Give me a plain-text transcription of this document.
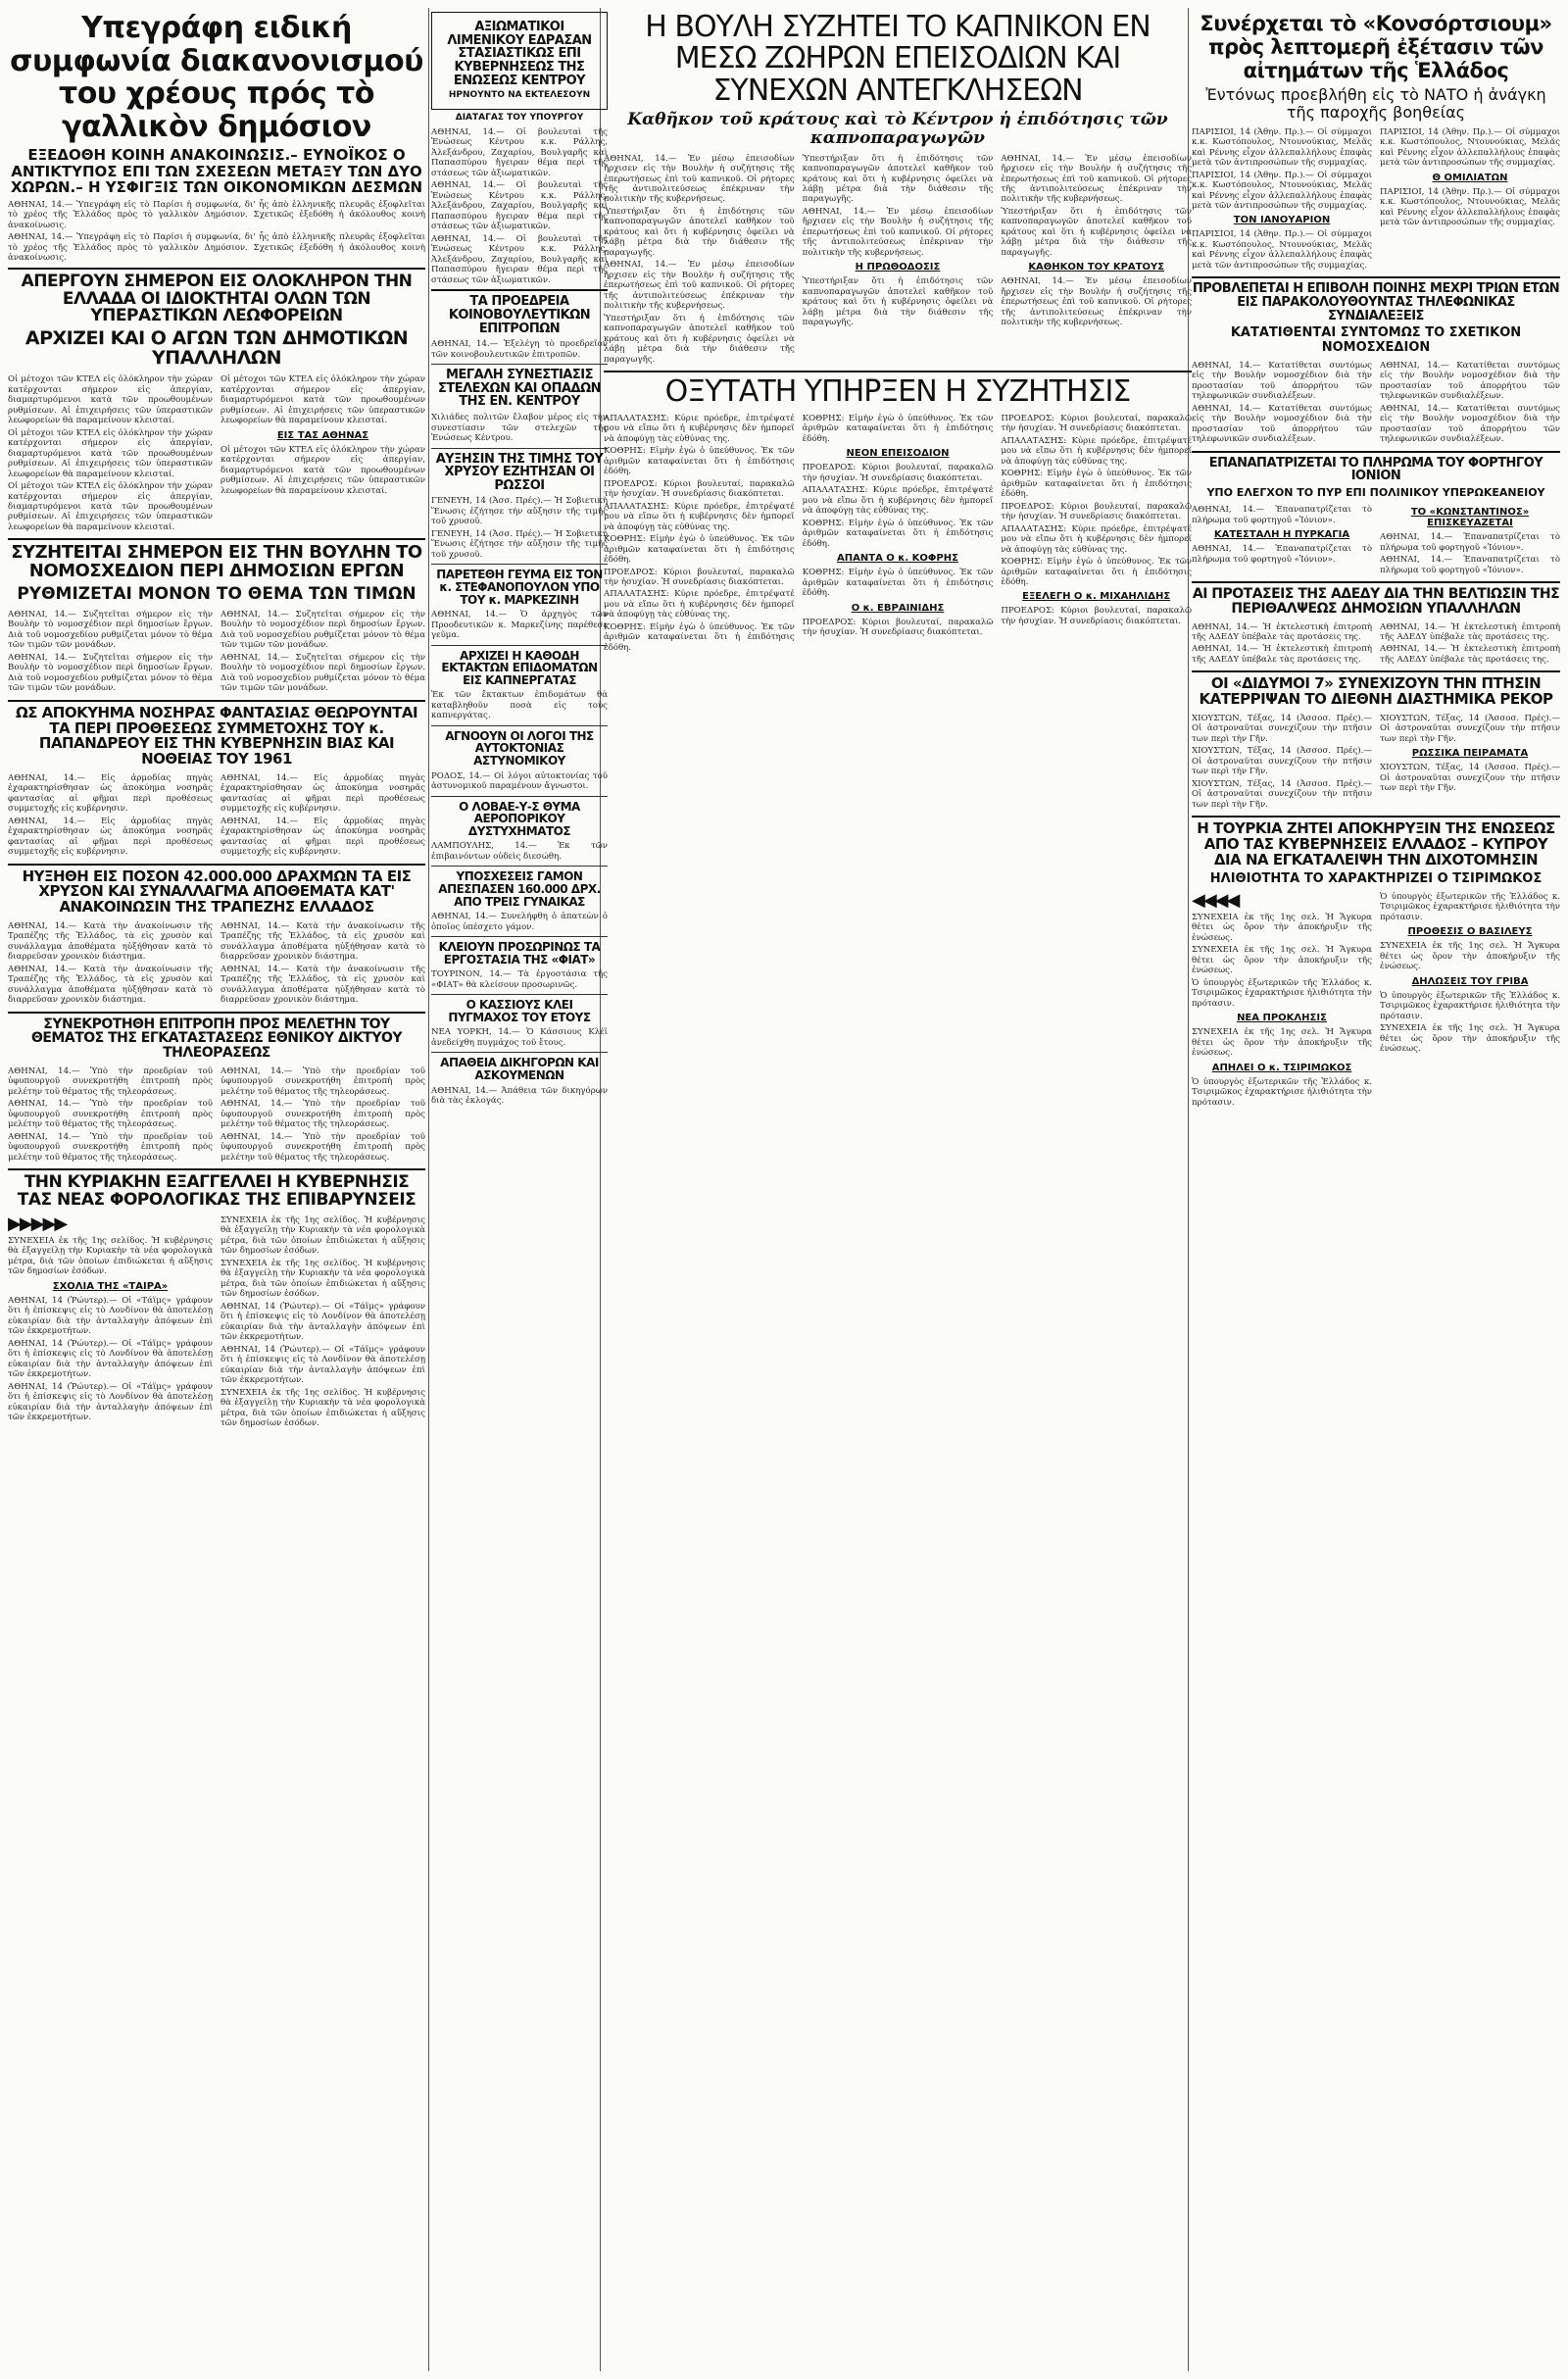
Υπεγράφη ειδική συμφωνία διακανονισμού του χρέους πρός τὸ γαλλικὸν δημόσιον
ΕΞΕΔΟΘΗ ΚΟΙΝΗ ΑΝΑΚΟΙΝΩΣΙΣ.– ΕΥΝΟΪΚΟΣ Ο ΑΝΤΙΚΤΥΠΟΣ ΕΠΙ ΤΩΝ ΣΧΕΣΕΩΝ ΜΕΤΑΞΥ ΤΩΝ ΔΥΟ ΧΩΡΩΝ.– Η ΥΣΦΙΓΞΙΣ ΤΩΝ ΟΙΚΟΝΟΜΙΚΩΝ ΔΕΣΜΩΝ
ΑΘΗΝΑΙ, 14.— Ὑπεγράφη εἰς τὸ Παρίσι ἡ συμφωνία, δι' ἧς ἀπὸ ἑλληνικῆς πλευρᾶς ἐξοφλεῖται τὸ χρέος τῆς Ἑλλάδος πρὸς τὸ γαλλικὸν Δημόσιον. Σχετικῶς ἐξεδόθη ἡ ἀκόλουθος κοινὴ ἀνακοίνωσις.
ΑΘΗΝΑΙ, 14.— Ὑπεγράφη εἰς τὸ Παρίσι ἡ συμφωνία, δι' ἧς ἀπὸ ἑλληνικῆς πλευρᾶς ἐξοφλεῖται τὸ χρέος τῆς Ἑλλάδος πρὸς τὸ γαλλικὸν Δημόσιον. Σχετικῶς ἐξεδόθη ἡ ἀκόλουθος κοινὴ ἀνακοίνωσις.
ΑΠΕΡΓΟΥΝ ΣΗΜΕΡΟΝ ΕΙΣ ΟΛΟΚΛΗΡΟΝ ΤΗΝ ΕΛΛΑΔΑ ΟΙ ΙΔΙΟΚΤΗΤΑΙ ΟΛΩΝ ΤΩΝ ΥΠΕΡΑΣΤΙΚΩΝ ΛΕΩΦΟΡΕΙΩΝ
ΑΡΧΙΖΕΙ ΚΑΙ Ο ΑΓΩΝ ΤΩΝ ΔΗΜΟΤΙΚΩΝ ΥΠΑΛΛΗΛΩΝ
Οἱ μέτοχοι τῶν ΚΤΕΛ εἰς ὁλόκληρον τὴν χώραν κατέρχονται σήμερον εἰς ἀπεργίαν, διαμαρτυρόμενοι κατὰ τῶν προωθουμένων ρυθμίσεων. Αἱ ἐπιχειρήσεις τῶν ὑπεραστικῶν λεωφορείων θὰ παραμείνουν κλεισταί.
Οἱ μέτοχοι τῶν ΚΤΕΛ εἰς ὁλόκληρον τὴν χώραν κατέρχονται σήμερον εἰς ἀπεργίαν, διαμαρτυρόμενοι κατὰ τῶν προωθουμένων ρυθμίσεων. Αἱ ἐπιχειρήσεις τῶν ὑπεραστικῶν λεωφορείων θὰ παραμείνουν κλεισταί.
Οἱ μέτοχοι τῶν ΚΤΕΛ εἰς ὁλόκληρον τὴν χώραν κατέρχονται σήμερον εἰς ἀπεργίαν, διαμαρτυρόμενοι κατὰ τῶν προωθουμένων ρυθμίσεων. Αἱ ἐπιχειρήσεις τῶν ὑπεραστικῶν λεωφορείων θὰ παραμείνουν κλεισταί.
Οἱ μέτοχοι τῶν ΚΤΕΛ εἰς ὁλόκληρον τὴν χώραν κατέρχονται σήμερον εἰς ἀπεργίαν, διαμαρτυρόμενοι κατὰ τῶν προωθουμένων ρυθμίσεων. Αἱ ἐπιχειρήσεις τῶν ὑπεραστικῶν λεωφορείων θὰ παραμείνουν κλεισταί.
ΕΙΣ ΤΑΣ ΑΘΗΝΑΣ
Οἱ μέτοχοι τῶν ΚΤΕΛ εἰς ὁλόκληρον τὴν χώραν κατέρχονται σήμερον εἰς ἀπεργίαν, διαμαρτυρόμενοι κατὰ τῶν προωθουμένων ρυθμίσεων. Αἱ ἐπιχειρήσεις τῶν ὑπεραστικῶν λεωφορείων θὰ παραμείνουν κλεισταί.
ΣΥΖΗΤΕΙΤΑΙ ΣΗΜΕΡΟΝ ΕΙΣ ΤΗΝ ΒΟΥΛΗΝ ΤΟ ΝΟΜΟΣΧΕΔΙΟΝ ΠΕΡΙ ΔΗΜΟΣΙΩΝ ΕΡΓΩΝ
ΡΥΘΜΙΖΕΤΑΙ ΜΟΝΟΝ ΤΟ ΘΕΜΑ ΤΩΝ ΤΙΜΩΝ
ΑΘΗΝΑΙ, 14.— Συζητεῖται σήμερον εἰς τὴν Βουλὴν τὸ νομοσχέδιον περὶ δημοσίων ἔργων. Διὰ τοῦ νομοσχεδίου ρυθμίζεται μόνον τὸ θέμα τῶν τιμῶν τῶν μονάδων.
ΑΘΗΝΑΙ, 14.— Συζητεῖται σήμερον εἰς τὴν Βουλὴν τὸ νομοσχέδιον περὶ δημοσίων ἔργων. Διὰ τοῦ νομοσχεδίου ρυθμίζεται μόνον τὸ θέμα τῶν τιμῶν τῶν μονάδων.
ΑΘΗΝΑΙ, 14.— Συζητεῖται σήμερον εἰς τὴν Βουλὴν τὸ νομοσχέδιον περὶ δημοσίων ἔργων. Διὰ τοῦ νομοσχεδίου ρυθμίζεται μόνον τὸ θέμα τῶν τιμῶν τῶν μονάδων.
ΑΘΗΝΑΙ, 14.— Συζητεῖται σήμερον εἰς τὴν Βουλὴν τὸ νομοσχέδιον περὶ δημοσίων ἔργων. Διὰ τοῦ νομοσχεδίου ρυθμίζεται μόνον τὸ θέμα τῶν τιμῶν τῶν μονάδων.
ΩΣ ΑΠΟΚΥΗΜΑ ΝΟΣΗΡΑΣ ΦΑΝΤΑΣΙΑΣ ΘΕΩΡΟΥΝΤΑΙ ΤΑ ΠΕΡΙ ΠΡΟΘΕΣΕΩΣ ΣΥΜΜΕΤΟΧΗΣ ΤΟΥ κ. ΠΑΠΑΝΔΡΕΟΥ ΕΙΣ ΤΗΝ ΚΥΒΕΡΝΗΣΙΝ ΒΙΑΣ ΚΑΙ ΝΟΘΕΙΑΣ ΤΟΥ 1961
ΑΘΗΝΑΙ, 14.— Εἰς ἀρμοδίας πηγὰς ἐχαρακτηρίσθησαν ὡς ἀποκύημα νοσηρᾶς φαντασίας αἱ φῆμαι περὶ προθέσεως συμμετοχῆς εἰς κυβέρνησιν.
ΑΘΗΝΑΙ, 14.— Εἰς ἀρμοδίας πηγὰς ἐχαρακτηρίσθησαν ὡς ἀποκύημα νοσηρᾶς φαντασίας αἱ φῆμαι περὶ προθέσεως συμμετοχῆς εἰς κυβέρνησιν.
ΑΘΗΝΑΙ, 14.— Εἰς ἀρμοδίας πηγὰς ἐχαρακτηρίσθησαν ὡς ἀποκύημα νοσηρᾶς φαντασίας αἱ φῆμαι περὶ προθέσεως συμμετοχῆς εἰς κυβέρνησιν.
ΑΘΗΝΑΙ, 14.— Εἰς ἀρμοδίας πηγὰς ἐχαρακτηρίσθησαν ὡς ἀποκύημα νοσηρᾶς φαντασίας αἱ φῆμαι περὶ προθέσεως συμμετοχῆς εἰς κυβέρνησιν.
ΗΥΞΗΘΗ ΕΙΣ ΠΟΣΟΝ 42.000.000 ΔΡΑΧΜΩΝ ΤΑ ΕΙΣ ΧΡΥΣΟΝ ΚΑΙ ΣΥΝΑΛΛΑΓΜΑ ΑΠΟΘΕΜΑΤΑ ΚΑΤ' ΑΝΑΚΟΙΝΩΣΙΝ ΤΗΣ ΤΡΑΠΕΖΗΣ ΕΛΛΑΔΟΣ
ΑΘΗΝΑΙ, 14.— Κατὰ τὴν ἀνακοίνωσιν τῆς Τραπέζης τῆς Ἑλλάδος, τὰ εἰς χρυσὸν καὶ συνάλλαγμα ἀποθέματα ηὐξήθησαν κατὰ τὸ διαρρεῦσαν χρονικὸν διάστημα.
ΑΘΗΝΑΙ, 14.— Κατὰ τὴν ἀνακοίνωσιν τῆς Τραπέζης τῆς Ἑλλάδος, τὰ εἰς χρυσὸν καὶ συνάλλαγμα ἀποθέματα ηὐξήθησαν κατὰ τὸ διαρρεῦσαν χρονικὸν διάστημα.
ΑΘΗΝΑΙ, 14.— Κατὰ τὴν ἀνακοίνωσιν τῆς Τραπέζης τῆς Ἑλλάδος, τὰ εἰς χρυσὸν καὶ συνάλλαγμα ἀποθέματα ηὐξήθησαν κατὰ τὸ διαρρεῦσαν χρονικὸν διάστημα.
ΑΘΗΝΑΙ, 14.— Κατὰ τὴν ἀνακοίνωσιν τῆς Τραπέζης τῆς Ἑλλάδος, τὰ εἰς χρυσὸν καὶ συνάλλαγμα ἀποθέματα ηὐξήθησαν κατὰ τὸ διαρρεῦσαν χρονικὸν διάστημα.
ΣΥΝΕΚΡΟΤΗΘΗ ΕΠΙΤΡΟΠΗ ΠΡΟΣ ΜΕΛΕΤΗΝ ΤΟΥ ΘΕΜΑΤΟΣ ΤΗΣ ΕΓΚΑΤΑΣΤΑΣΕΩΣ ΕΘΝΙΚΟΥ ΔΙΚΤΥΟΥ ΤΗΛΕΟΡΑΣΕΩΣ
ΑΘΗΝΑΙ, 14.— Ὑπὸ τὴν προεδρίαν τοῦ ὑφυπουργοῦ συνεκροτήθη ἐπιτροπὴ πρὸς μελέτην τοῦ θέματος τῆς τηλεοράσεως.
ΑΘΗΝΑΙ, 14.— Ὑπὸ τὴν προεδρίαν τοῦ ὑφυπουργοῦ συνεκροτήθη ἐπιτροπὴ πρὸς μελέτην τοῦ θέματος τῆς τηλεοράσεως.
ΑΘΗΝΑΙ, 14.— Ὑπὸ τὴν προεδρίαν τοῦ ὑφυπουργοῦ συνεκροτήθη ἐπιτροπὴ πρὸς μελέτην τοῦ θέματος τῆς τηλεοράσεως.
ΑΘΗΝΑΙ, 14.— Ὑπὸ τὴν προεδρίαν τοῦ ὑφυπουργοῦ συνεκροτήθη ἐπιτροπὴ πρὸς μελέτην τοῦ θέματος τῆς τηλεοράσεως.
ΑΘΗΝΑΙ, 14.— Ὑπὸ τὴν προεδρίαν τοῦ ὑφυπουργοῦ συνεκροτήθη ἐπιτροπὴ πρὸς μελέτην τοῦ θέματος τῆς τηλεοράσεως.
ΑΘΗΝΑΙ, 14.— Ὑπὸ τὴν προεδρίαν τοῦ ὑφυπουργοῦ συνεκροτήθη ἐπιτροπὴ πρὸς μελέτην τοῦ θέματος τῆς τηλεοράσεως.
ΤΗΝ ΚΥΡΙΑΚΗΝ ΕΞΑΓΓΕΛΛΕΙ Η ΚΥΒΕΡΝΗΣΙΣ ΤΑΣ ΝΕΑΣ ΦΟΡΟΛΟΓΙΚΑΣ ΤΗΣ ΕΠΙΒΑΡΥΝΣΕΙΣ
▶▶▶▶▶
ΣΥΝΕΧΕΙΑ ἐκ τῆς 1ης σελίδος. Ἡ κυβέρνησις θὰ ἐξαγγείλῃ τὴν Κυριακὴν τὰ νέα φορολογικὰ μέτρα, διὰ τῶν ὁποίων ἐπιδιώκεται ἡ αὔξησις τῶν δημοσίων ἐσόδων.
ΣΧΟΛΙΑ ΤΗΣ «ΤΑΙΡΑ»
ΑΘΗΝΑΙ, 14 (Ῥώυτερ).— Οἱ «Τάϊμς» γράφουν ὅτι ἡ ἐπίσκεψις εἰς τὸ Λονδίνον θὰ ἀποτελέσῃ εὐκαιρίαν διὰ τὴν ἀνταλλαγὴν ἀπόψεων ἐπὶ τῶν ἐκκρεμοτήτων.
ΑΘΗΝΑΙ, 14 (Ῥώυτερ).— Οἱ «Τάϊμς» γράφουν ὅτι ἡ ἐπίσκεψις εἰς τὸ Λονδίνον θὰ ἀποτελέσῃ εὐκαιρίαν διὰ τὴν ἀνταλλαγὴν ἀπόψεων ἐπὶ τῶν ἐκκρεμοτήτων.
ΑΘΗΝΑΙ, 14 (Ῥώυτερ).— Οἱ «Τάϊμς» γράφουν ὅτι ἡ ἐπίσκεψις εἰς τὸ Λονδίνον θὰ ἀποτελέσῃ εὐκαιρίαν διὰ τὴν ἀνταλλαγὴν ἀπόψεων ἐπὶ τῶν ἐκκρεμοτήτων.
ΣΥΝΕΧΕΙΑ ἐκ τῆς 1ης σελίδος. Ἡ κυβέρνησις θὰ ἐξαγγείλῃ τὴν Κυριακὴν τὰ νέα φορολογικὰ μέτρα, διὰ τῶν ὁποίων ἐπιδιώκεται ἡ αὔξησις τῶν δημοσίων ἐσόδων.
ΣΥΝΕΧΕΙΑ ἐκ τῆς 1ης σελίδος. Ἡ κυβέρνησις θὰ ἐξαγγείλῃ τὴν Κυριακὴν τὰ νέα φορολογικὰ μέτρα, διὰ τῶν ὁποίων ἐπιδιώκεται ἡ αὔξησις τῶν δημοσίων ἐσόδων.
ΑΘΗΝΑΙ, 14 (Ῥώυτερ).— Οἱ «Τάϊμς» γράφουν ὅτι ἡ ἐπίσκεψις εἰς τὸ Λονδίνον θὰ ἀποτελέσῃ εὐκαιρίαν διὰ τὴν ἀνταλλαγὴν ἀπόψεων ἐπὶ τῶν ἐκκρεμοτήτων.
ΑΘΗΝΑΙ, 14 (Ῥώυτερ).— Οἱ «Τάϊμς» γράφουν ὅτι ἡ ἐπίσκεψις εἰς τὸ Λονδίνον θὰ ἀποτελέσῃ εὐκαιρίαν διὰ τὴν ἀνταλλαγὴν ἀπόψεων ἐπὶ τῶν ἐκκρεμοτήτων.
ΣΥΝΕΧΕΙΑ ἐκ τῆς 1ης σελίδος. Ἡ κυβέρνησις θὰ ἐξαγγείλῃ τὴν Κυριακὴν τὰ νέα φορολογικὰ μέτρα, διὰ τῶν ὁποίων ἐπιδιώκεται ἡ αὔξησις τῶν δημοσίων ἐσόδων.
ΑΞΙΩΜΑΤΙΚΟΙ ΛΙΜΕΝΙΚΟΥ ΕΔΡΑΣΑΝ ΣΤΑΣΙΑΣΤΙΚΩΣ ΕΠΙ ΚΥΒΕΡΝΗΣΕΩΣ ΤΗΣ ΕΝΩΣΕΩΣ ΚΕΝΤΡΟΥ
ΗΡΝΟΥΝΤΟ ΝΑ ΕΚΤΕΛΕΣΟΥΝ
ΔΙΑΤΑΓΑΣ ΤΟΥ ΥΠΟΥΡΓΟΥ
ΑΘΗΝΑΙ, 14.— Οἱ βουλευταὶ τῆς Ἐνώσεως Κέντρου κ.κ. Ράλλης, Ἀλεξάνδρου, Ζαχαρίου, Βουλγαρῆς καὶ Παπασπύρου ἤγειραν θέμα περὶ τῆς στάσεως τῶν ἀξιωματικῶν.
ΑΘΗΝΑΙ, 14.— Οἱ βουλευταὶ τῆς Ἐνώσεως Κέντρου κ.κ. Ράλλης, Ἀλεξάνδρου, Ζαχαρίου, Βουλγαρῆς καὶ Παπασπύρου ἤγειραν θέμα περὶ τῆς στάσεως τῶν ἀξιωματικῶν.
ΑΘΗΝΑΙ, 14.— Οἱ βουλευταὶ τῆς Ἐνώσεως Κέντρου κ.κ. Ράλλης, Ἀλεξάνδρου, Ζαχαρίου, Βουλγαρῆς καὶ Παπασπύρου ἤγειραν θέμα περὶ τῆς στάσεως τῶν ἀξιωματικῶν.
ΤΑ ΠΡΟΕΔΡΕΙΑ ΚΟΙΝΟΒΟΥΛΕΥΤΙΚΩΝ ΕΠΙΤΡΟΠΩΝ
ΑΘΗΝΑΙ, 14.— Ἐξελέγη τὸ προεδρεῖον τῶν κοινοβουλευτικῶν ἐπιτροπῶν.
ΜΕΓΑΛΗ ΣΥΝΕΣΤΙΑΣΙΣ ΣΤΕΛΕΧΩΝ ΚΑΙ ΟΠΑΔΩΝ ΤΗΣ ΕΝ. ΚΕΝΤΡΟΥ
Χιλιάδες πολιτῶν ἔλαβον μέρος εἰς τὴν συνεστίασιν τῶν στελεχῶν τῆς Ἐνώσεως Κέντρου.
ΑΥΞΗΣΙΝ ΤΗΣ ΤΙΜΗΣ ΤΟΥ ΧΡΥΣΟΥ ΕΖΗΤΗΣΑΝ ΟΙ ΡΩΣΣΟΙ
ΓΕΝΕΥΗ, 14 (Ἀσσ. Πρές).— Ἡ Σοβιετικὴ Ἕνωσις ἐζήτησε τὴν αὔξησιν τῆς τιμῆς τοῦ χρυσοῦ.
ΓΕΝΕΥΗ, 14 (Ἀσσ. Πρές).— Ἡ Σοβιετικὴ Ἕνωσις ἐζήτησε τὴν αὔξησιν τῆς τιμῆς τοῦ χρυσοῦ.
ΠΑΡΕΤΕΘΗ ΓΕΥΜΑ ΕΙΣ ΤΟΝ κ. ΣΤΕΦΑΝΟΠΟΥΛΟΝ ΥΠΟ ΤΟΥ κ. ΜΑΡΚΕΖΙΝΗ
ΑΘΗΝΑΙ, 14.— Ὁ ἀρχηγὸς τῶν Προοδευτικῶν κ. Μαρκεζίνης παρέθεσε γεῦμα.
ΑΡΧΙΖΕΙ Η ΚΑΘΟΔΗ ΕΚΤΑΚΤΩΝ ΕΠΙΔΟΜΑΤΩΝ ΕΙΣ ΚΑΠΝΕΡΓΑΤΑΣ
Ἐκ τῶν ἔκτακτων ἐπιδομάτων θὰ καταβληθοῦν ποσὰ εἰς τοὺς καπνεργάτας.
ΑΓΝΟΟΥΝ ΟΙ ΛΟΓΟΙ ΤΗΣ ΑΥΤΟΚΤΟΝΙΑΣ ΑΣΤΥΝΟΜΙΚΟΥ
ΡΟΔΟΣ, 14.— Οἱ λόγοι αὐτοκτονίας τοῦ ἀστυνομικοῦ παραμένουν ἄγνωστοι.
Ο ΛΟΒΑΕ-Υ-Σ ΘΥΜΑ ΑΕΡΟΠΟΡΙΚΟΥ ΔΥΣΤΥΧΗΜΑΤΟΣ
ΛΑΜΠΟΥΛΗΣ, 14.— Ἐκ τῶν ἐπιβαινόντων οὐδεὶς διεσώθη.
ΥΠΟΣΧΕΣΕΙΣ ΓΑΜΟΝ ΑΠΕΣΠΑΣΕΝ 160.000 ΔΡΧ. ΑΠΟ ΤΡΕΙΣ ΓΥΝΑΙΚΑΣ
ΑΘΗΝΑΙ, 14.— Συνελήφθη ὁ ἀπατεὼν ὁ ὁποῖος ὑπέσχετο γάμον.
ΚΛΕΙΟΥΝ ΠΡΟΣΩΡΙΝΩΣ ΤΑ ΕΡΓΟΣΤΑΣΙΑ ΤΗΣ «ΦΙΑΤ»
ΤΟΥΡΙΝΟΝ, 14.— Τὰ ἐργοστάσια τῆς «ΦΙΑΤ» θὰ κλείσουν προσωρινῶς.
Ο ΚΑΣΣΙΟΥΣ ΚΛΕΙ ΠΥΓΜΑΧΟΣ ΤΟΥ ΕΤΟΥΣ
ΝΕΑ ΥΟΡΚΗ, 14.— Ὁ Κάσσιους Κλέϊ ἀνεδείχθη πυγμάχος τοῦ ἔτους.
ΑΠΑΘΕΙΑ ΔΙΚΗΓΟΡΩΝ ΚΑΙ ΑΣΚΟΥΜΕΝΩΝ
ΑΘΗΝΑΙ, 14.— Ἀπάθεια τῶν δικηγόρων διὰ τὰς ἐκλογάς.
Η ΒΟΥΛΗ ΣΥΖΗΤΕΙ ΤΟ ΚΑΠΝΙΚΟΝ ΕΝ ΜΕΣΩ ΖΩΗΡΩΝ ΕΠΕΙΣΟΔΙΩΝ ΚΑΙ ΣΥΝΕΧΩΝ ΑΝΤΕΓΚΛΗΣΕΩΝ
Καθῆκον τοῦ κράτους καὶ τὸ Κέντρον ἡ ἐπιδότησις τῶν καπνοπαραγωγῶν
ΑΘΗΝΑΙ, 14.— Ἐν μέσῳ ἐπεισοδίων ἤρχισεν εἰς τὴν Βουλὴν ἡ συζήτησις τῆς ἐπερωτήσεως ἐπὶ τοῦ καπνικοῦ. Οἱ ρήτορες τῆς ἀντιπολιτεύσεως ἐπέκριναν τὴν πολιτικὴν τῆς κυβερνήσεως.
Ὑπεστήριξαν ὅτι ἡ ἐπιδότησις τῶν καπνοπαραγωγῶν ἀποτελεῖ καθῆκον τοῦ κράτους καὶ ὅτι ἡ κυβέρνησις ὀφείλει νὰ λάβῃ μέτρα διὰ τὴν διάθεσιν τῆς παραγωγῆς.
ΑΘΗΝΑΙ, 14.— Ἐν μέσῳ ἐπεισοδίων ἤρχισεν εἰς τὴν Βουλὴν ἡ συζήτησις τῆς ἐπερωτήσεως ἐπὶ τοῦ καπνικοῦ. Οἱ ρήτορες τῆς ἀντιπολιτεύσεως ἐπέκριναν τὴν πολιτικὴν τῆς κυβερνήσεως.
Ὑπεστήριξαν ὅτι ἡ ἐπιδότησις τῶν καπνοπαραγωγῶν ἀποτελεῖ καθῆκον τοῦ κράτους καὶ ὅτι ἡ κυβέρνησις ὀφείλει νὰ λάβῃ μέτρα διὰ τὴν διάθεσιν τῆς παραγωγῆς.
Ὑπεστήριξαν ὅτι ἡ ἐπιδότησις τῶν καπνοπαραγωγῶν ἀποτελεῖ καθῆκον τοῦ κράτους καὶ ὅτι ἡ κυβέρνησις ὀφείλει νὰ λάβῃ μέτρα διὰ τὴν διάθεσιν τῆς παραγωγῆς.
ΑΘΗΝΑΙ, 14.— Ἐν μέσῳ ἐπεισοδίων ἤρχισεν εἰς τὴν Βουλὴν ἡ συζήτησις τῆς ἐπερωτήσεως ἐπὶ τοῦ καπνικοῦ. Οἱ ρήτορες τῆς ἀντιπολιτεύσεως ἐπέκριναν τὴν πολιτικὴν τῆς κυβερνήσεως.
Η ΠΡΩΘΟΔΟΣΙΣ
Ὑπεστήριξαν ὅτι ἡ ἐπιδότησις τῶν καπνοπαραγωγῶν ἀποτελεῖ καθῆκον τοῦ κράτους καὶ ὅτι ἡ κυβέρνησις ὀφείλει νὰ λάβῃ μέτρα διὰ τὴν διάθεσιν τῆς παραγωγῆς.
ΑΘΗΝΑΙ, 14.— Ἐν μέσῳ ἐπεισοδίων ἤρχισεν εἰς τὴν Βουλὴν ἡ συζήτησις τῆς ἐπερωτήσεως ἐπὶ τοῦ καπνικοῦ. Οἱ ρήτορες τῆς ἀντιπολιτεύσεως ἐπέκριναν τὴν πολιτικὴν τῆς κυβερνήσεως.
Ὑπεστήριξαν ὅτι ἡ ἐπιδότησις τῶν καπνοπαραγωγῶν ἀποτελεῖ καθῆκον τοῦ κράτους καὶ ὅτι ἡ κυβέρνησις ὀφείλει νὰ λάβῃ μέτρα διὰ τὴν διάθεσιν τῆς παραγωγῆς.
ΚΑΘΗΚΟΝ ΤΟΥ ΚΡΑΤΟΥΣ
ΑΘΗΝΑΙ, 14.— Ἐν μέσῳ ἐπεισοδίων ἤρχισεν εἰς τὴν Βουλὴν ἡ συζήτησις τῆς ἐπερωτήσεως ἐπὶ τοῦ καπνικοῦ. Οἱ ρήτορες τῆς ἀντιπολιτεύσεως ἐπέκριναν τὴν πολιτικὴν τῆς κυβερνήσεως.
ΟΞΥΤΑΤΗ ΥΠΗΡΞΕΝ Η ΣΥΖΗΤΗΣΙΣ
ΑΠΑΛΑΤΑΣΗΣ: Κύριε πρόεδρε, ἐπιτρέψατέ μου νὰ εἴπω ὅτι ἡ κυβέρνησις δὲν ἠμπορεῖ νὰ ἀποφύγῃ τὰς εὐθύνας της.
ΚΟΘΡΗΣ: Εἰμὴν ἐγὼ ὁ ὑπεύθυνος. Ἐκ τῶν ἀριθμῶν καταφαίνεται ὅτι ἡ ἐπιδότησις ἐδόθη.
ΠΡΟΕΔΡΟΣ: Κύριοι βουλευταί, παρακαλῶ τὴν ἡσυχίαν. Ἡ συνεδρίασις διακόπτεται.
ΑΠΑΛΑΤΑΣΗΣ: Κύριε πρόεδρε, ἐπιτρέψατέ μου νὰ εἴπω ὅτι ἡ κυβέρνησις δὲν ἠμπορεῖ νὰ ἀποφύγῃ τὰς εὐθύνας της.
ΚΟΘΡΗΣ: Εἰμὴν ἐγὼ ὁ ὑπεύθυνος. Ἐκ τῶν ἀριθμῶν καταφαίνεται ὅτι ἡ ἐπιδότησις ἐδόθη.
ΠΡΟΕΔΡΟΣ: Κύριοι βουλευταί, παρακαλῶ τὴν ἡσυχίαν. Ἡ συνεδρίασις διακόπτεται.
ΑΠΑΛΑΤΑΣΗΣ: Κύριε πρόεδρε, ἐπιτρέψατέ μου νὰ εἴπω ὅτι ἡ κυβέρνησις δὲν ἠμπορεῖ νὰ ἀποφύγῃ τὰς εὐθύνας της.
ΚΟΘΡΗΣ: Εἰμὴν ἐγὼ ὁ ὑπεύθυνος. Ἐκ τῶν ἀριθμῶν καταφαίνεται ὅτι ἡ ἐπιδότησις ἐδόθη.
ΚΟΘΡΗΣ: Εἰμὴν ἐγὼ ὁ ὑπεύθυνος. Ἐκ τῶν ἀριθμῶν καταφαίνεται ὅτι ἡ ἐπιδότησις ἐδόθη.
ΝΕΟΝ ΕΠΕΙΣΟΔΙΟΝ
ΠΡΟΕΔΡΟΣ: Κύριοι βουλευταί, παρακαλῶ τὴν ἡσυχίαν. Ἡ συνεδρίασις διακόπτεται.
ΑΠΑΛΑΤΑΣΗΣ: Κύριε πρόεδρε, ἐπιτρέψατέ μου νὰ εἴπω ὅτι ἡ κυβέρνησις δὲν ἠμπορεῖ νὰ ἀποφύγῃ τὰς εὐθύνας της.
ΚΟΘΡΗΣ: Εἰμὴν ἐγὼ ὁ ὑπεύθυνος. Ἐκ τῶν ἀριθμῶν καταφαίνεται ὅτι ἡ ἐπιδότησις ἐδόθη.
ΑΠΑΝΤΑ Ο κ. ΚΟΦΡΗΣ
ΚΟΘΡΗΣ: Εἰμὴν ἐγὼ ὁ ὑπεύθυνος. Ἐκ τῶν ἀριθμῶν καταφαίνεται ὅτι ἡ ἐπιδότησις ἐδόθη.
Ο κ. ΕΒΡΑΙΝΙΔΗΣ
ΠΡΟΕΔΡΟΣ: Κύριοι βουλευταί, παρακαλῶ τὴν ἡσυχίαν. Ἡ συνεδρίασις διακόπτεται.
ΠΡΟΕΔΡΟΣ: Κύριοι βουλευταί, παρακαλῶ τὴν ἡσυχίαν. Ἡ συνεδρίασις διακόπτεται.
ΑΠΑΛΑΤΑΣΗΣ: Κύριε πρόεδρε, ἐπιτρέψατέ μου νὰ εἴπω ὅτι ἡ κυβέρνησις δὲν ἠμπορεῖ νὰ ἀποφύγῃ τὰς εὐθύνας της.
ΚΟΘΡΗΣ: Εἰμὴν ἐγὼ ὁ ὑπεύθυνος. Ἐκ τῶν ἀριθμῶν καταφαίνεται ὅτι ἡ ἐπιδότησις ἐδόθη.
ΠΡΟΕΔΡΟΣ: Κύριοι βουλευταί, παρακαλῶ τὴν ἡσυχίαν. Ἡ συνεδρίασις διακόπτεται.
ΑΠΑΛΑΤΑΣΗΣ: Κύριε πρόεδρε, ἐπιτρέψατέ μου νὰ εἴπω ὅτι ἡ κυβέρνησις δὲν ἠμπορεῖ νὰ ἀποφύγῃ τὰς εὐθύνας της.
ΚΟΘΡΗΣ: Εἰμὴν ἐγὼ ὁ ὑπεύθυνος. Ἐκ τῶν ἀριθμῶν καταφαίνεται ὅτι ἡ ἐπιδότησις ἐδόθη.
ΕΞΕΛΕΓΗ Ο κ. ΜΙΧΑΗΛΙΔΗΣ
ΠΡΟΕΔΡΟΣ: Κύριοι βουλευταί, παρακαλῶ τὴν ἡσυχίαν. Ἡ συνεδρίασις διακόπτεται.
Συνέρχεται τὸ «Κονσόρτσιουμ» πρὸς λεπτομερῆ ἐξέτασιν τῶν αἰτημάτων τῆς Ἑλλάδος
Ἐντόνως προεβλήθη εἰς τὸ ΝΑΤΟ ἡ ἀνάγκη τῆς παροχῆς βοηθείας
ΠΑΡΙΣΙΟΙ, 14 (Ἀθην. Πρ.).— Οἱ σύμμαχοι κ.κ. Κωστόπουλος, Ντουνούκιας, Μελᾶς καὶ Ρέννης εἶχον ἀλλεπαλλήλους ἐπαφὰς μετὰ τῶν ἀντιπροσώπων τῆς συμμαχίας.
ΠΑΡΙΣΙΟΙ, 14 (Ἀθην. Πρ.).— Οἱ σύμμαχοι κ.κ. Κωστόπουλος, Ντουνούκιας, Μελᾶς καὶ Ρέννης εἶχον ἀλλεπαλλήλους ἐπαφὰς μετὰ τῶν ἀντιπροσώπων τῆς συμμαχίας.
ΤΟΝ ΙΑΝΟΥΑΡΙΟΝ
ΠΑΡΙΣΙΟΙ, 14 (Ἀθην. Πρ.).— Οἱ σύμμαχοι κ.κ. Κωστόπουλος, Ντουνούκιας, Μελᾶς καὶ Ρέννης εἶχον ἀλλεπαλλήλους ἐπαφὰς μετὰ τῶν ἀντιπροσώπων τῆς συμμαχίας.
ΠΑΡΙΣΙΟΙ, 14 (Ἀθην. Πρ.).— Οἱ σύμμαχοι κ.κ. Κωστόπουλος, Ντουνούκιας, Μελᾶς καὶ Ρέννης εἶχον ἀλλεπαλλήλους ἐπαφὰς μετὰ τῶν ἀντιπροσώπων τῆς συμμαχίας.
Θ ΟΜΙΛΙΑΤΩΝ
ΠΑΡΙΣΙΟΙ, 14 (Ἀθην. Πρ.).— Οἱ σύμμαχοι κ.κ. Κωστόπουλος, Ντουνούκιας, Μελᾶς καὶ Ρέννης εἶχον ἀλλεπαλλήλους ἐπαφὰς μετὰ τῶν ἀντιπροσώπων τῆς συμμαχίας.
ΠΡΟΒΛΕΠΕΤΑΙ Η ΕΠΙΒΟΛΗ ΠΟΙΝΗΣ ΜΕΧΡΙ ΤΡΙΩΝ ΕΤΩΝ ΕΙΣ ΠΑΡΑΚΟΛΟΥΘΟΥΝΤΑΣ ΤΗΛΕΦΩΝΙΚΑΣ ΣΥΝΔΙΑΛΕΞΕΙΣ
ΚΑΤΑΤΙΘΕΝΤΑΙ ΣΥΝΤΟΜΩΣ ΤΟ ΣΧΕΤΙΚΟΝ ΝΟΜΟΣΧΕΔΙΟΝ
ΑΘΗΝΑΙ, 14.— Κατατίθεται συντόμως εἰς τὴν Βουλὴν νομοσχέδιον διὰ τὴν προστασίαν τοῦ ἀπορρήτου τῶν τηλεφωνικῶν συνδιαλέξεων.
ΑΘΗΝΑΙ, 14.— Κατατίθεται συντόμως εἰς τὴν Βουλὴν νομοσχέδιον διὰ τὴν προστασίαν τοῦ ἀπορρήτου τῶν τηλεφωνικῶν συνδιαλέξεων.
ΑΘΗΝΑΙ, 14.— Κατατίθεται συντόμως εἰς τὴν Βουλὴν νομοσχέδιον διὰ τὴν προστασίαν τοῦ ἀπορρήτου τῶν τηλεφωνικῶν συνδιαλέξεων.
ΑΘΗΝΑΙ, 14.— Κατατίθεται συντόμως εἰς τὴν Βουλὴν νομοσχέδιον διὰ τὴν προστασίαν τοῦ ἀπορρήτου τῶν τηλεφωνικῶν συνδιαλέξεων.
ΕΠΑΝΑΠΑΤΡΙΖΕΤΑΙ ΤΟ ΠΛΗΡΩΜΑ ΤΟΥ ΦΟΡΤΗΓΟΥ ΙΟΝΙΟΝ
ΥΠΟ ΕΛΕΓΧΟΝ ΤΟ ΠΥΡ ΕΠΙ ΠΟΛΙΝΙΚΟΥ ΥΠΕΡΩΚΕΑΝΕΙΟΥ
ΑΘΗΝΑΙ, 14.— Ἐπαναπατρίζεται τὸ πλήρωμα τοῦ φορτηγοῦ «Ἰόνιον».
ΚΑΤΕΣΤΑΛΗ Η ΠΥΡΚΑΓΙΑ
ΑΘΗΝΑΙ, 14.— Ἐπαναπατρίζεται τὸ πλήρωμα τοῦ φορτηγοῦ «Ἰόνιον».
ΤΟ «ΚΩΝΣΤΑΝΤΙΝΟΣ» ΕΠΙΣΚΕΥΑΖΕΤΑΙ
ΑΘΗΝΑΙ, 14.— Ἐπαναπατρίζεται τὸ πλήρωμα τοῦ φορτηγοῦ «Ἰόνιον».
ΑΘΗΝΑΙ, 14.— Ἐπαναπατρίζεται τὸ πλήρωμα τοῦ φορτηγοῦ «Ἰόνιον».
ΑΙ ΠΡΟΤΑΣΕΙΣ ΤΗΣ ΑΔΕΔΥ ΔΙΑ ΤΗΝ ΒΕΛΤΙΩΣΙΝ ΤΗΣ ΠΕΡΙΘΑΛΨΕΩΣ ΔΗΜΟΣΙΩΝ ΥΠΑΛΛΗΛΩΝ
ΑΘΗΝΑΙ, 14.— Ἡ ἐκτελεστικὴ ἐπιτροπὴ τῆς ΑΔΕΔΥ ὑπέβαλε τὰς προτάσεις της.
ΑΘΗΝΑΙ, 14.— Ἡ ἐκτελεστικὴ ἐπιτροπὴ τῆς ΑΔΕΔΥ ὑπέβαλε τὰς προτάσεις της.
ΑΘΗΝΑΙ, 14.— Ἡ ἐκτελεστικὴ ἐπιτροπὴ τῆς ΑΔΕΔΥ ὑπέβαλε τὰς προτάσεις της.
ΑΘΗΝΑΙ, 14.— Ἡ ἐκτελεστικὴ ἐπιτροπὴ τῆς ΑΔΕΔΥ ὑπέβαλε τὰς προτάσεις της.
ΟΙ «ΔΙΔΥΜΟΙ 7» ΣΥΝΕΧΙΖΟΥΝ ΤΗΝ ΠΤΗΣΙΝ ΚΑΤΕΡΡΙΨΑΝ ΤΟ ΔΙΕΘΝΗ ΔΙΑΣΤΗΜΙΚΑ ΡΕΚΟΡ
ΧΙΟΥΣΤΩΝ, Τέξας, 14 (Ἀσσοσ. Πρές).— Οἱ ἀστροναῦται συνεχίζουν τὴν πτῆσιν των περὶ τὴν Γῆν.
ΧΙΟΥΣΤΩΝ, Τέξας, 14 (Ἀσσοσ. Πρές).— Οἱ ἀστροναῦται συνεχίζουν τὴν πτῆσιν των περὶ τὴν Γῆν.
ΧΙΟΥΣΤΩΝ, Τέξας, 14 (Ἀσσοσ. Πρές).— Οἱ ἀστροναῦται συνεχίζουν τὴν πτῆσιν των περὶ τὴν Γῆν.
ΧΙΟΥΣΤΩΝ, Τέξας, 14 (Ἀσσοσ. Πρές).— Οἱ ἀστροναῦται συνεχίζουν τὴν πτῆσιν των περὶ τὴν Γῆν.
ΡΩΣΣΙΚΑ ΠΕΙΡΑΜΑΤΑ
ΧΙΟΥΣΤΩΝ, Τέξας, 14 (Ἀσσοσ. Πρές).— Οἱ ἀστροναῦται συνεχίζουν τὴν πτῆσιν των περὶ τὴν Γῆν.
Η ΤΟΥΡΚΙΑ ΖΗΤΕΙ ΑΠΟΚΗΡΥΞΙΝ ΤΗΣ ΕΝΩΣΕΩΣ ΑΠΟ ΤΑΣ ΚΥΒΕΡΝΗΣΕΙΣ ΕΛΛΑΔΟΣ – ΚΥΠΡΟΥ ΔΙΑ ΝΑ ΕΓΚΑΤΑΛΕΙΨΗ ΤΗΝ ΔΙΧΟΤΟΜΗΣΙΝ
ΗΛΙΘΙΟΤΗΤΑ ΤΟ ΧΑΡΑΚΤΗΡΙΖΕΙ Ο ΤΣΙΡΙΜΩΚΟΣ
◀◀◀◀
ΣΥΝΕΧΕΙΑ ἐκ τῆς 1ης σελ. Ἡ Ἄγκυρα θέτει ὡς ὅρον τὴν ἀποκήρυξιν τῆς ἑνώσεως.
ΣΥΝΕΧΕΙΑ ἐκ τῆς 1ης σελ. Ἡ Ἄγκυρα θέτει ὡς ὅρον τὴν ἀποκήρυξιν τῆς ἑνώσεως.
Ὁ ὑπουργὸς ἐξωτερικῶν τῆς Ἑλλάδος κ. Τσιριμῶκος ἐχαρακτήρισε ἡλιθιότητα τὴν πρότασιν.
ΝΕΑ ΠΡΟΚΛΗΣΙΣ
ΣΥΝΕΧΕΙΑ ἐκ τῆς 1ης σελ. Ἡ Ἄγκυρα θέτει ὡς ὅρον τὴν ἀποκήρυξιν τῆς ἑνώσεως.
ΑΠΗΛΕΙ Ο κ. ΤΣΙΡΙΜΩΚΟΣ
Ὁ ὑπουργὸς ἐξωτερικῶν τῆς Ἑλλάδος κ. Τσιριμῶκος ἐχαρακτήρισε ἡλιθιότητα τὴν πρότασιν.
Ὁ ὑπουργὸς ἐξωτερικῶν τῆς Ἑλλάδος κ. Τσιριμῶκος ἐχαρακτήρισε ἡλιθιότητα τὴν πρότασιν.
ΠΡΟΘΕΣΙΣ Ο ΒΑΣΙΛΕΥΣ
ΣΥΝΕΧΕΙΑ ἐκ τῆς 1ης σελ. Ἡ Ἄγκυρα θέτει ὡς ὅρον τὴν ἀποκήρυξιν τῆς ἑνώσεως.
ΔΗΛΩΣΕΙΣ ΤΟΥ ΓΡΙΒΑ
Ὁ ὑπουργὸς ἐξωτερικῶν τῆς Ἑλλάδος κ. Τσιριμῶκος ἐχαρακτήρισε ἡλιθιότητα τὴν πρότασιν.
ΣΥΝΕΧΕΙΑ ἐκ τῆς 1ης σελ. Ἡ Ἄγκυρα θέτει ὡς ὅρον τὴν ἀποκήρυξιν τῆς ἑνώσεως.
